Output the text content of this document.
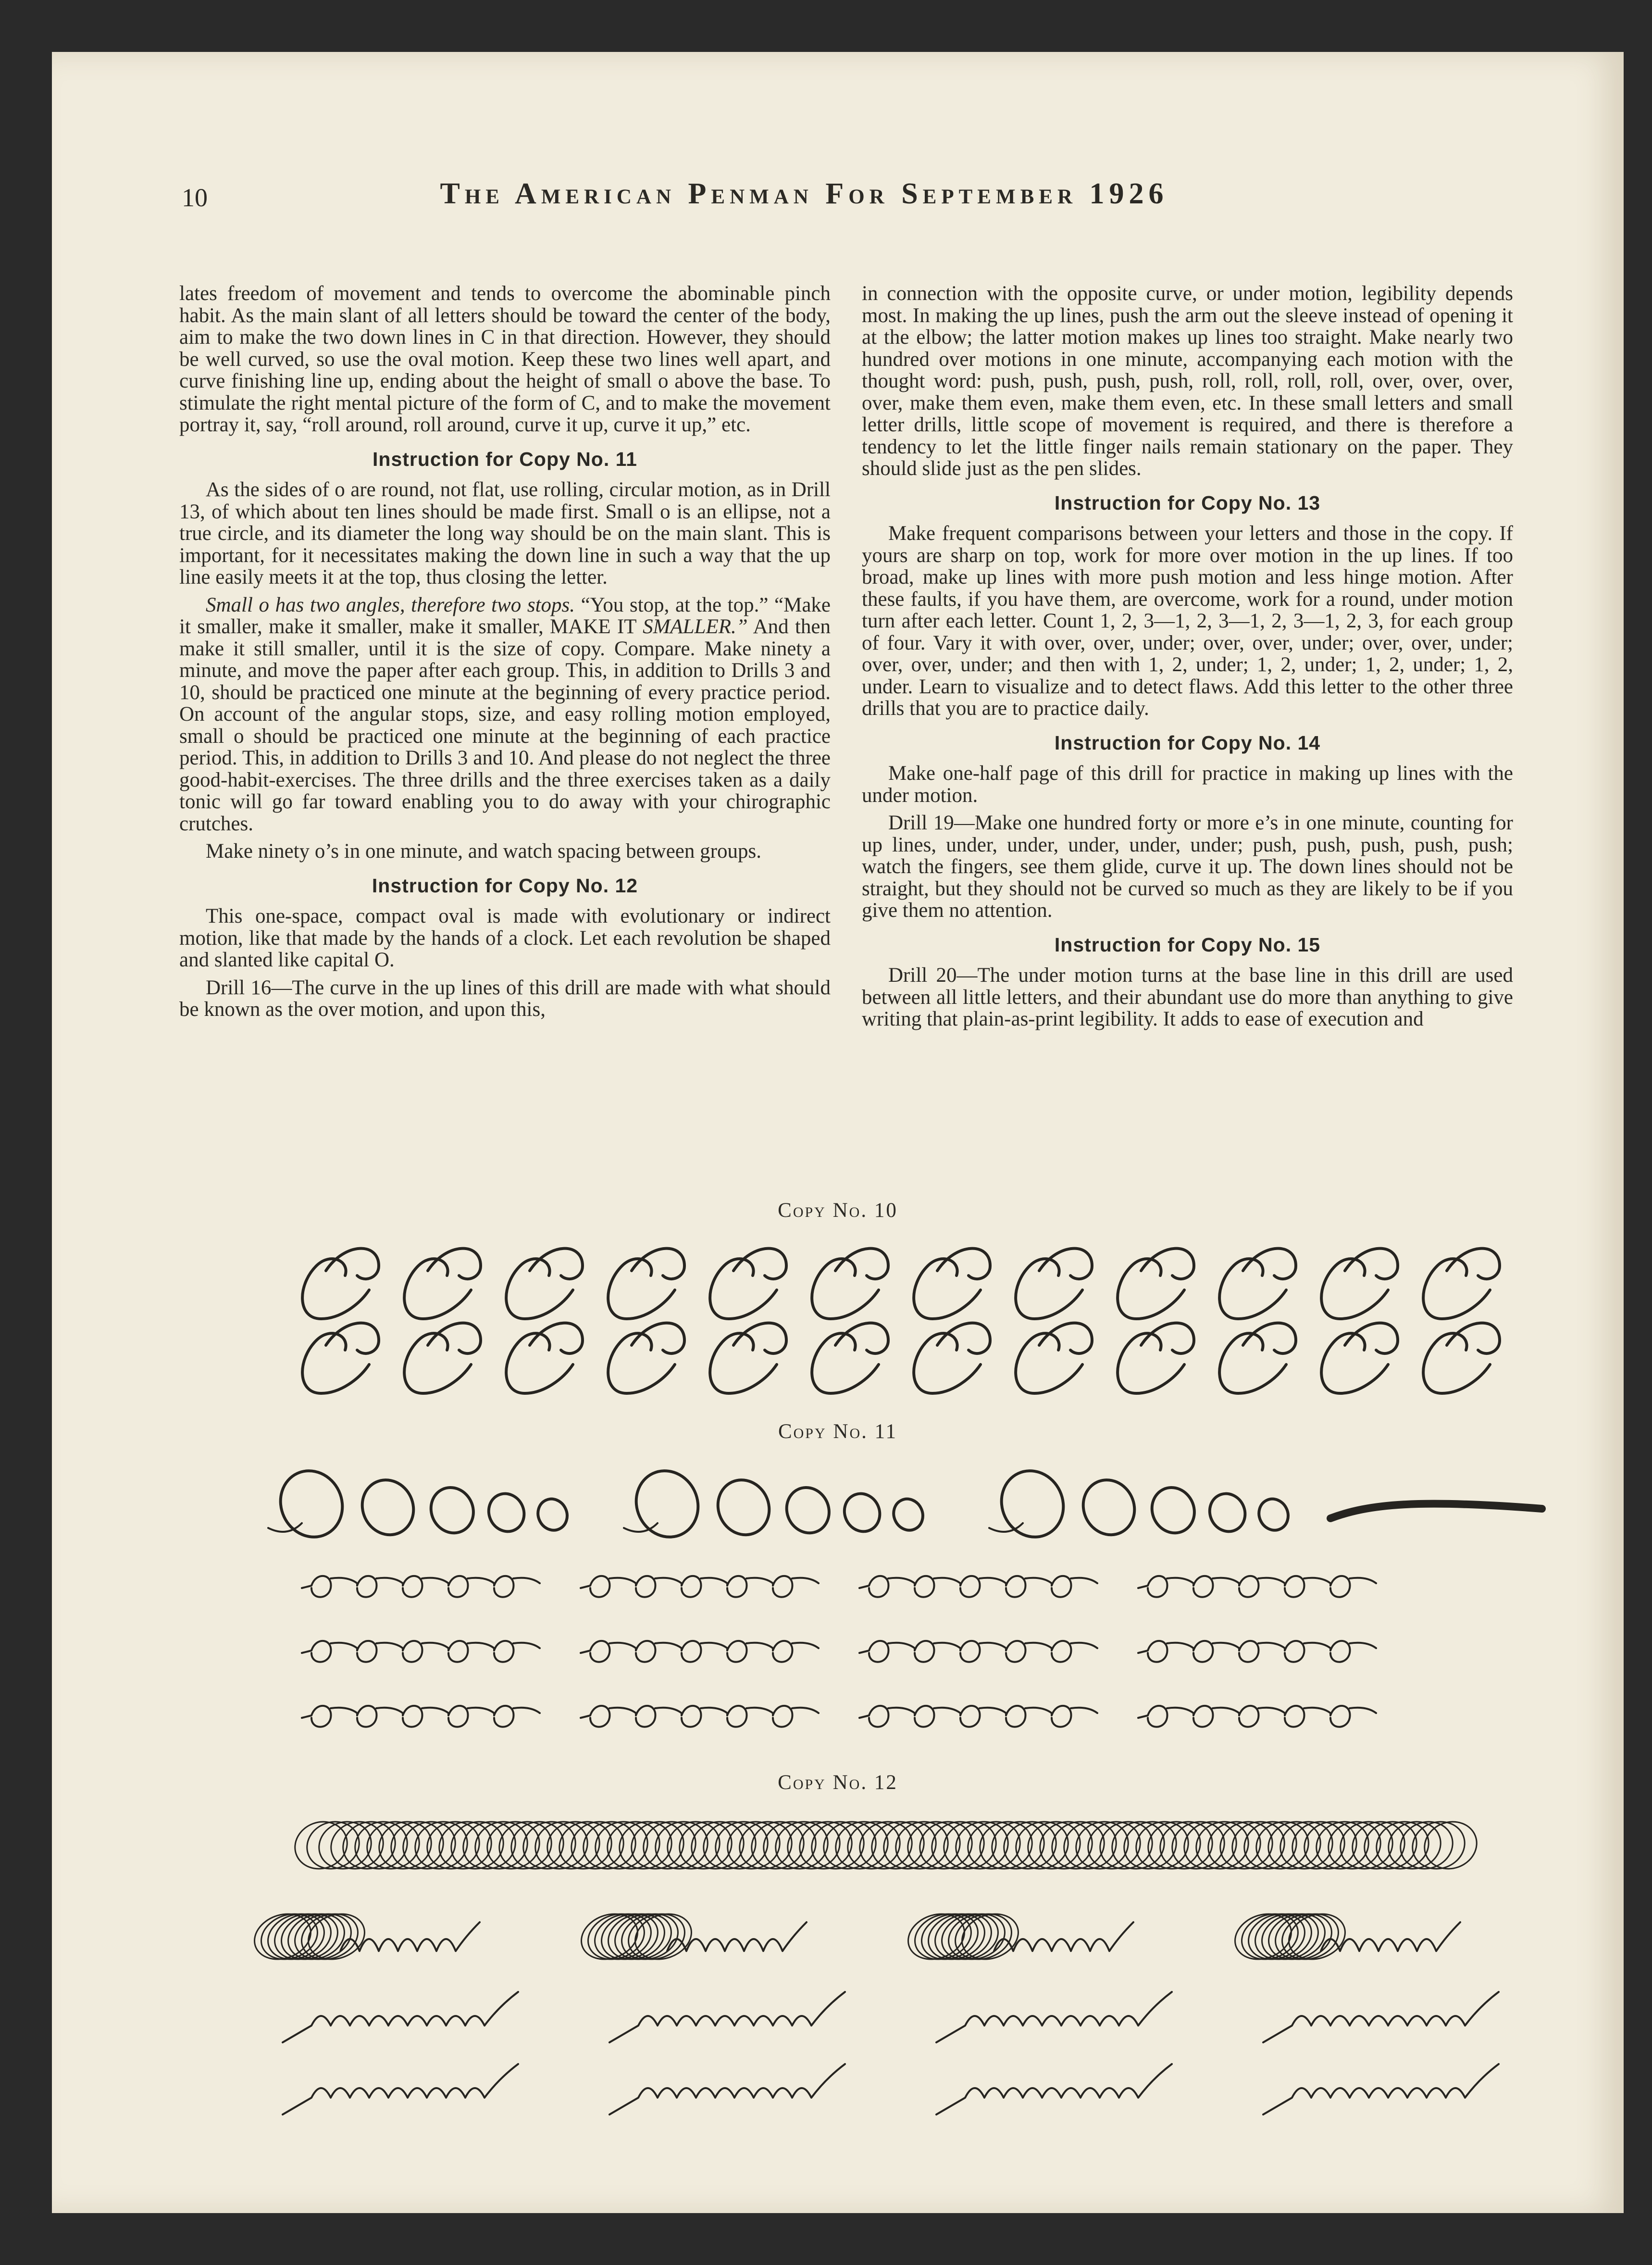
10	The American Penman For September 1926

lates freedom of movement and tends to overcome the abominable pinch habit. As the main slant of all letters should be toward the center of the body, aim to make the two down lines in C in that direction. However, they should be well curved, so use the oval motion. Keep these two lines well apart, and curve finishing line up, ending about the height of small o above the base. To stimulate the right mental picture of the form of C, and to make the movement portray it, say, “roll around, roll around, curve it up, curve it up,” etc.

Instruction for Copy No. 11

As the sides of o are round, not flat, use rolling, circular motion, as in Drill 13, of which about ten lines should be made first. Small o is an ellipse, not a true circle, and its diameter the long way should be on the main slant. This is important, for it necessitates making the down line in such a way that the up line easily meets it at the top, thus closing the letter.

Small o has two angles, therefore two stops. “You stop, at the top.” “Make it smaller, make it smaller, make it smaller, MAKE IT SMALLER.” And then make it still smaller, until it is the size of copy. Compare. Make ninety a minute, and move the paper after each group. This, in addition to Drills 3 and 10, should be practiced one minute at the beginning of every practice period. On account of the angular stops, size, and easy rolling motion employed, small o should be practiced one minute at the beginning of each practice period. This, in addition to Drills 3 and 10. And please do not neglect the three good-habit-exercises. The three drills and the three exercises taken as a daily tonic will go far toward enabling you to do away with your chirographic crutches.

Make ninety o’s in one minute, and watch spacing between groups.

Instruction for Copy No. 12

This one-space, compact oval is made with evolutionary or indirect motion, like that made by the hands of a clock. Let each revolution be shaped and slanted like capital O.

Drill 16—The curve in the up lines of this drill are made with what should be known as the over motion, and upon this,

in connection with the opposite curve, or under motion, legibility depends most. In making the up lines, push the arm out the sleeve instead of opening it at the elbow; the latter motion makes up lines too straight. Make nearly two hundred over motions in one minute, accompanying each motion with the thought word: push, push, push, push, roll, roll, roll, roll, over, over, over, over, make them even, make them even, etc. In these small letters and small letter drills, little scope of movement is required, and there is therefore a tendency to let the little finger nails remain stationary on the paper. They should slide just as the pen slides.

Instruction for Copy No. 13

Make frequent comparisons between your letters and those in the copy. If yours are sharp on top, work for more over motion in the up lines. If too broad, make up lines with more push motion and less hinge motion. After these faults, if you have them, are overcome, work for a round, under motion turn after each letter. Count 1, 2, 3—1, 2, 3—1, 2, 3—1, 2, 3, for each group of four. Vary it with over, over, under; over, over, under; over, over, under; over, over, under; and then with 1, 2, under; 1, 2, under; 1, 2, under; 1, 2, under. Learn to visualize and to detect flaws. Add this letter to the other three drills that you are to practice daily.

Instruction for Copy No. 14

Make one-half page of this drill for practice in making up lines with the under motion.

Drill 19—Make one hundred forty or more e’s in one minute, counting for up lines, under, under, under, under, under; push, push, push, push, push; watch the fingers, see them glide, curve it up. The down lines should not be straight, but they should not be curved so much as they are likely to be if you give them no attention.

Instruction for Copy No. 15

Drill 20—The under motion turns at the base line in this drill are used between all little letters, and their abundant use do more than anything to give writing that plain-as-print legibility. It adds to ease of execution and

Copy No. 10
Copy No. 11
Copy No. 12
